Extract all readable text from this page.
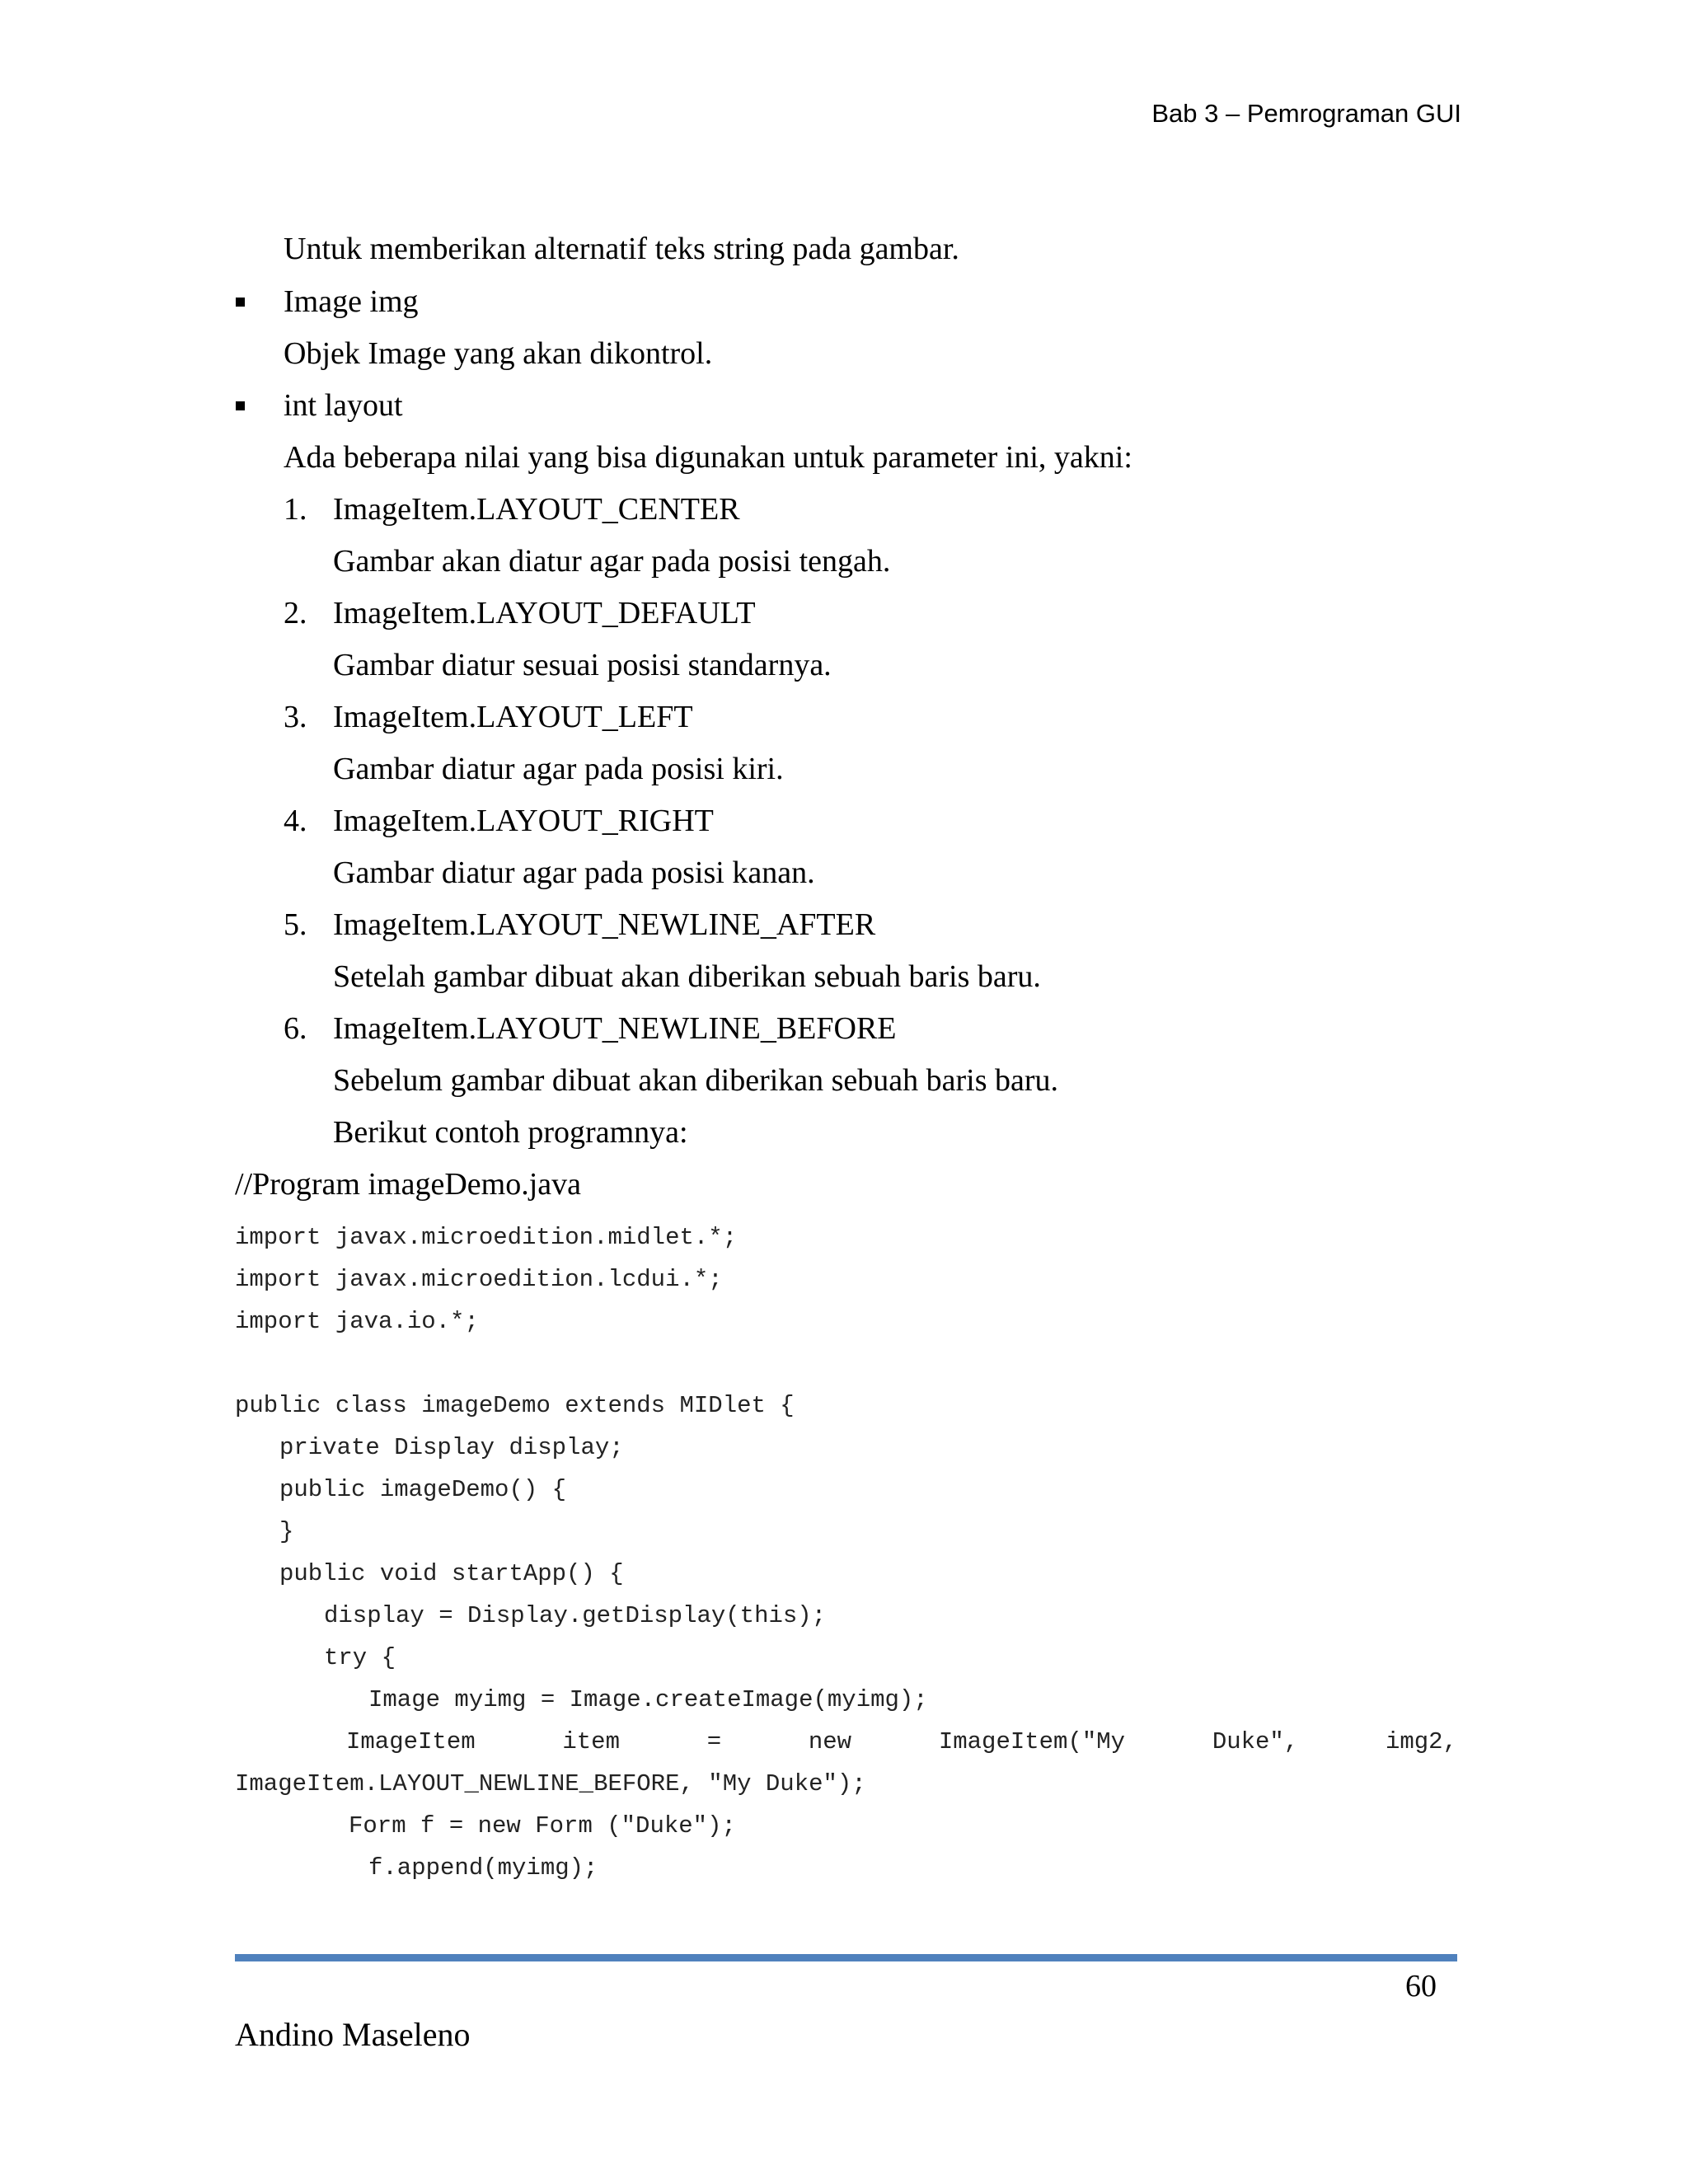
Bab 3 – Pemrograman GUI
Untuk memberikan alternatif teks string pada gambar.
Image img
Objek Image yang akan dikontrol.
int layout
Ada beberapa nilai yang bisa digunakan untuk parameter ini, yakni:
1. ImageItem.LAYOUT_CENTER
Gambar akan diatur agar pada posisi tengah.
2. ImageItem.LAYOUT_DEFAULT
Gambar diatur sesuai posisi standarnya.
3. ImageItem.LAYOUT_LEFT
Gambar diatur agar pada posisi kiri.
4. ImageItem.LAYOUT_RIGHT
Gambar diatur agar pada posisi kanan.
5. ImageItem.LAYOUT_NEWLINE_AFTER
Setelah gambar dibuat akan diberikan sebuah baris baru.
6. ImageItem.LAYOUT_NEWLINE_BEFORE
Sebelum gambar dibuat akan diberikan sebuah baris baru.
Berikut contoh programnya:
//Program imageDemo.java
import javax.microedition.midlet.*;
import javax.microedition.lcdui.*;
import java.io.*;
public class imageDemo extends MIDlet {
private Display display;
public imageDemo() {
}
public void startApp() {
display = Display.getDisplay(this);
try {
Image myimg = Image.createImage(myimg);
ImageItem	item	=	new	ImageItem("My	Duke",	img2,
ImageItem.LAYOUT_NEWLINE_BEFORE, "My Duke");
Form f = new Form ("Duke");
f.append(myimg);
60
Andino Maseleno
